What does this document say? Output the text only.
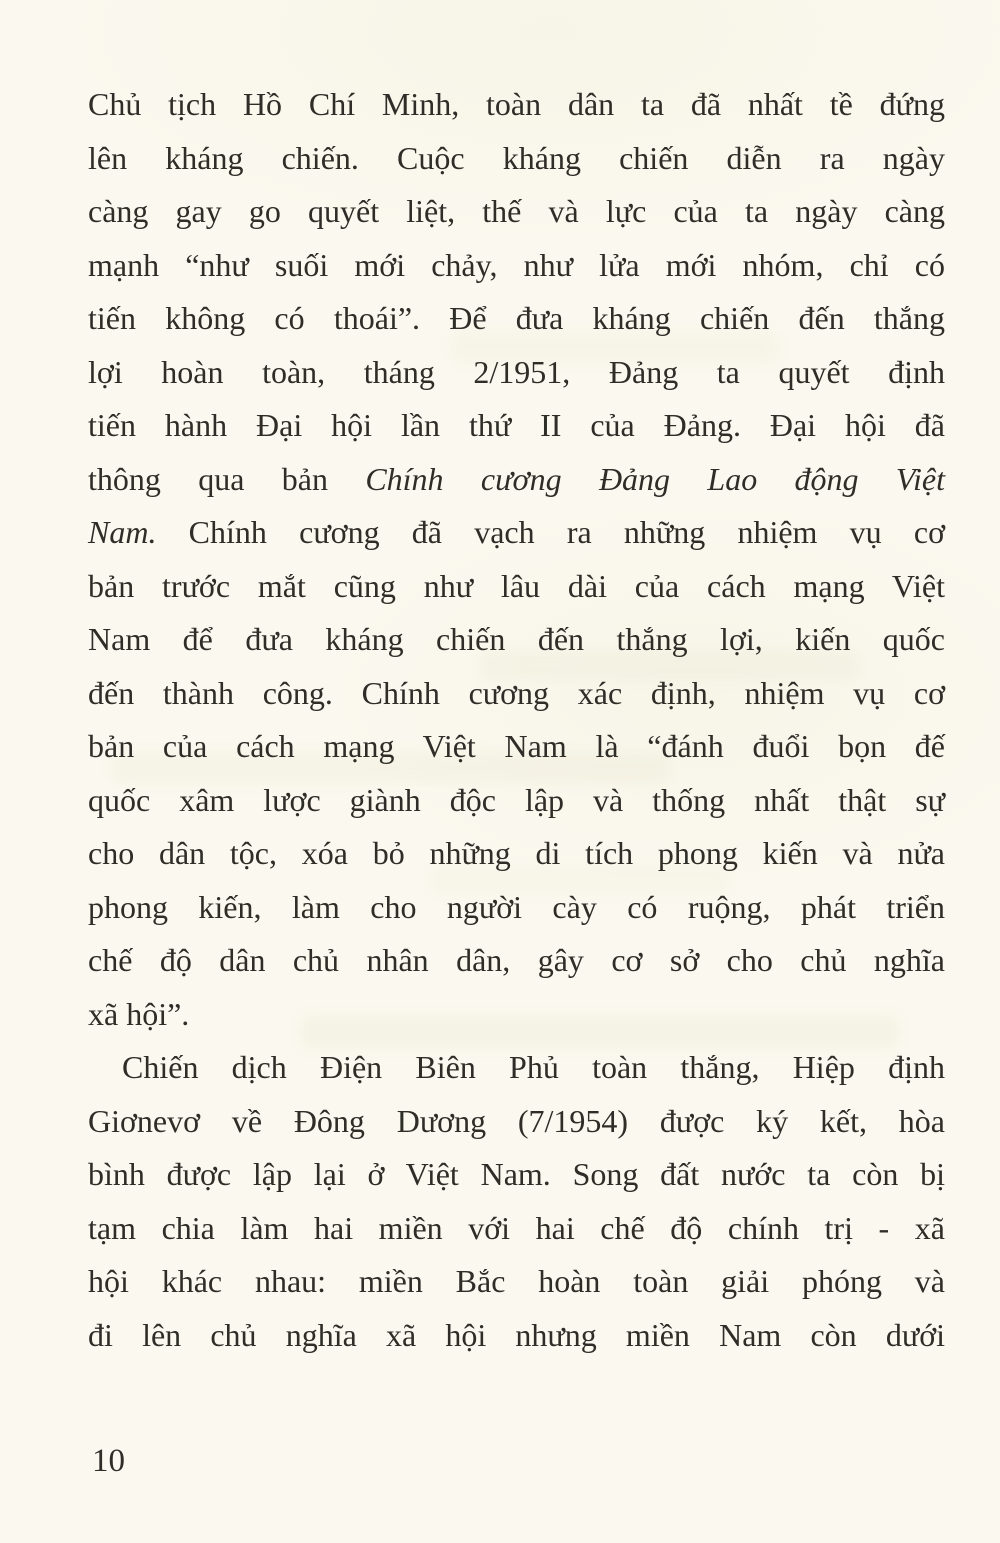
Chủ tịch Hồ Chí Minh, toàn dân ta đã nhất tề đứng
lên kháng chiến. Cuộc kháng chiến diễn ra ngày
càng gay go quyết liệt, thế và lực của ta ngày càng
mạnh “như suối mới chảy, như lửa mới nhóm, chỉ có
tiến không có thoái”. Để đưa kháng chiến đến thắng
lợi hoàn toàn, tháng 2/1951, Đảng ta quyết định
tiến hành Đại hội lần thứ II của Đảng. Đại hội đã
thông qua bản Chính cương Đảng Lao động Việt
Nam. Chính cương đã vạch ra những nhiệm vụ cơ
bản trước mắt cũng như lâu dài của cách mạng Việt
Nam để đưa kháng chiến đến thắng lợi, kiến quốc
đến thành công. Chính cương xác định, nhiệm vụ cơ
bản của cách mạng Việt Nam là “đánh đuổi bọn đế
quốc xâm lược giành độc lập và thống nhất thật sự
cho dân tộc, xóa bỏ những di tích phong kiến và nửa
phong kiến, làm cho người cày có ruộng, phát triển
chế độ dân chủ nhân dân, gây cơ sở cho chủ nghĩa
xã hội”.
Chiến dịch Điện Biên Phủ toàn thắng, Hiệp định
Giơnevơ về Đông Dương (7/1954) được ký kết, hòa
bình được lập lại ở Việt Nam. Song đất nước ta còn bị
tạm chia làm hai miền với hai chế độ chính trị - xã
hội khác nhau: miền Bắc hoàn toàn giải phóng và
đi lên chủ nghĩa xã hội nhưng miền Nam còn dưới
10
